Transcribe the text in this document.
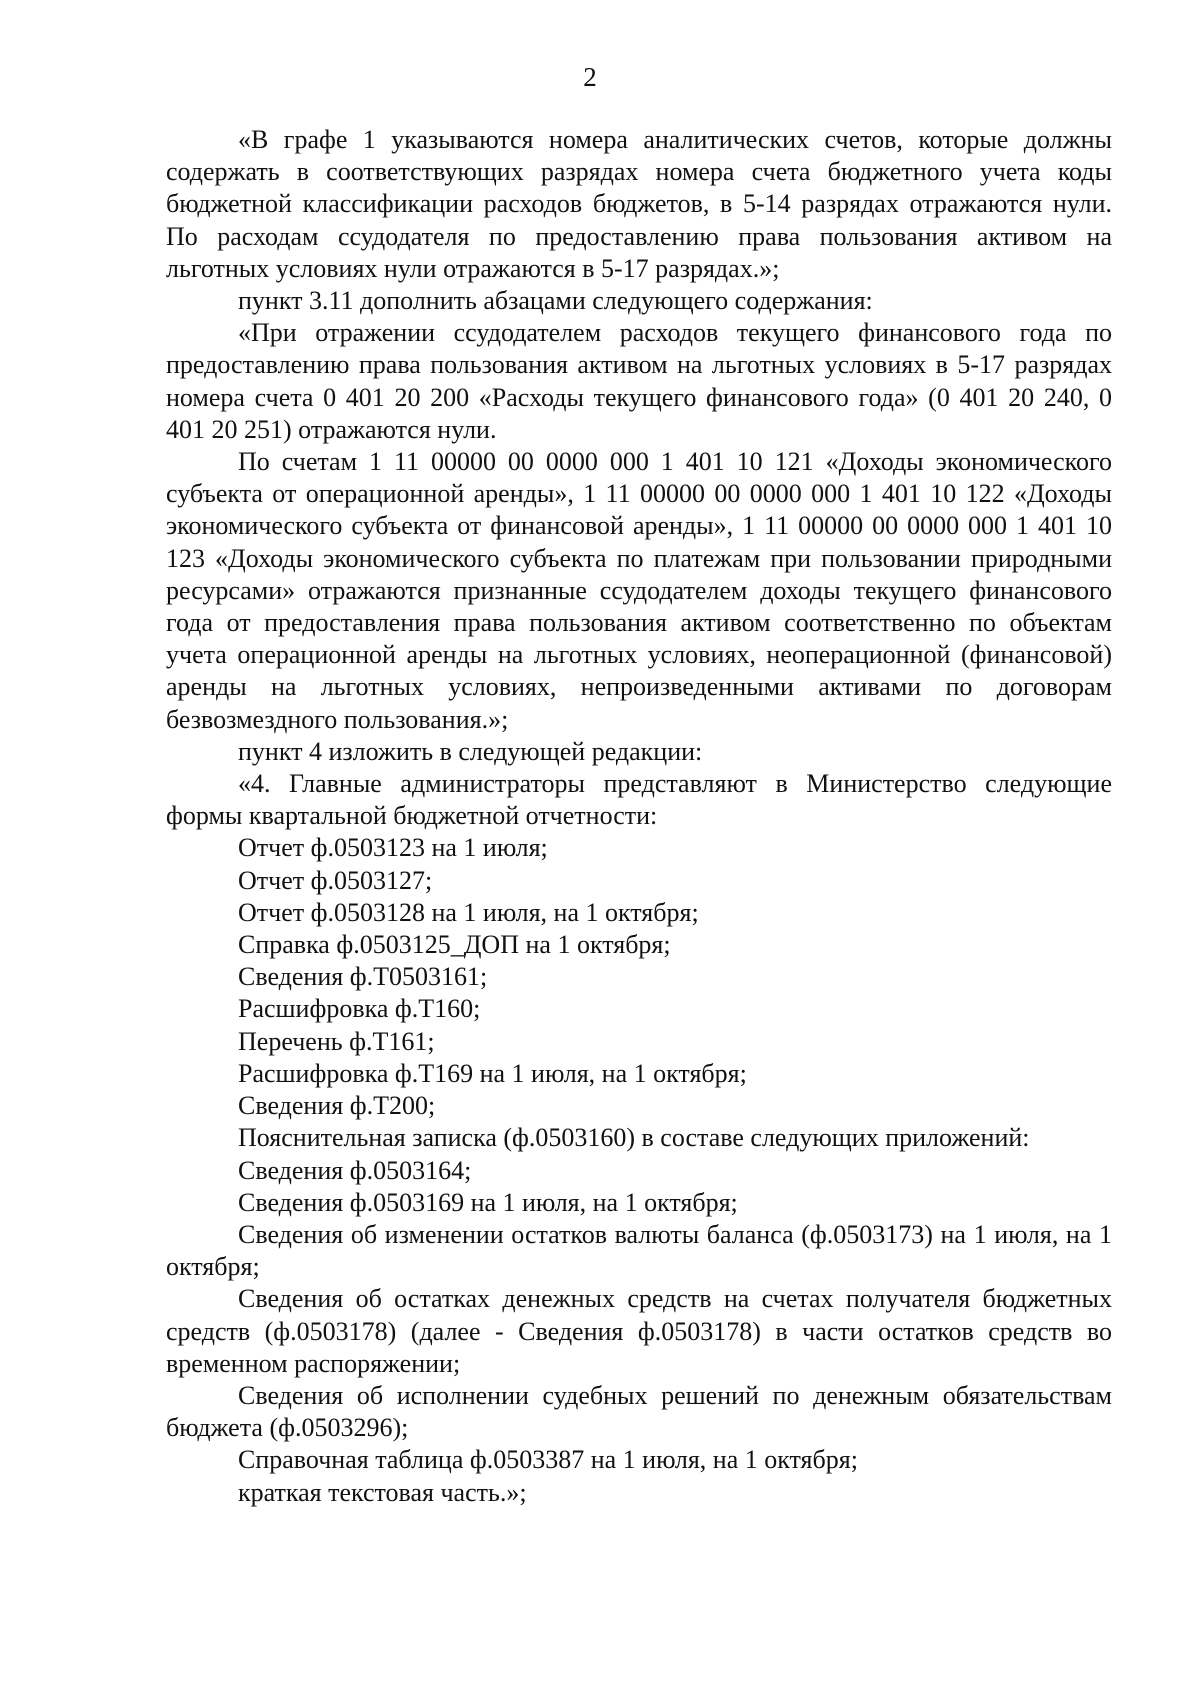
2

«В графе 1 указываются номера аналитических счетов, которые должны содержать в соответствующих разрядах номера счета бюджетного учета коды бюджетной классификации расходов бюджетов, в 5-14 разрядах отражаются нули. По расходам ссудодателя по предоставлению права пользования активом на льготных условиях нули отражаются в 5-17 разрядах.»;

пункт 3.11 дополнить абзацами следующего содержания:

«При отражении ссудодателем расходов текущего финансового года по предоставлению права пользования активом на льготных условиях в 5-17 разрядах номера счета 0 401 20 200 «Расходы текущего финансового года» (0 401 20 240, 0 401 20 251) отражаются нули.

По счетам 1 11 00000 00 0000 000 1 401 10 121 «Доходы экономического субъекта от операционной аренды», 1 11 00000 00 0000 000 1 401 10 122 «Доходы экономического субъекта от финансовой аренды», 1 11 00000 00 0000 000 1 401 10 123 «Доходы экономического субъекта по платежам при пользовании природными ресурсами» отражаются признанные ссудодателем доходы текущего финансового года от предоставления права пользования активом соответственно по объектам учета операционной аренды на льготных условиях, неоперационной (финансовой) аренды на льготных условиях, непроизведенными активами по договорам безвозмездного пользования.»;

пункт 4 изложить в следующей редакции:

«4. Главные администраторы представляют в Министерство следующие формы квартальной бюджетной отчетности:

Отчет ф.0503123 на 1 июля;

Отчет ф.0503127;

Отчет ф.0503128 на 1 июля, на 1 октября;

Справка ф.0503125_ДОП на 1 октября;

Сведения ф.Т0503161;

Расшифровка ф.Т160;

Перечень ф.Т161;

Расшифровка ф.Т169 на 1 июля, на 1 октября;

Сведения ф.Т200;

Пояснительная записка (ф.0503160) в составе следующих приложений:

Сведения ф.0503164;

Сведения ф.0503169 на 1 июля, на 1 октября;

Сведения об изменении остатков валюты баланса (ф.0503173) на 1 июля, на 1 октября;

Сведения об остатках денежных средств на счетах получателя бюджетных средств (ф.0503178) (далее - Сведения ф.0503178) в части остатков средств во временном распоряжении;

Сведения об исполнении судебных решений по денежным обязательствам бюджета (ф.0503296);

Справочная таблица ф.0503387 на 1 июля, на 1 октября;

краткая текстовая часть.»;
